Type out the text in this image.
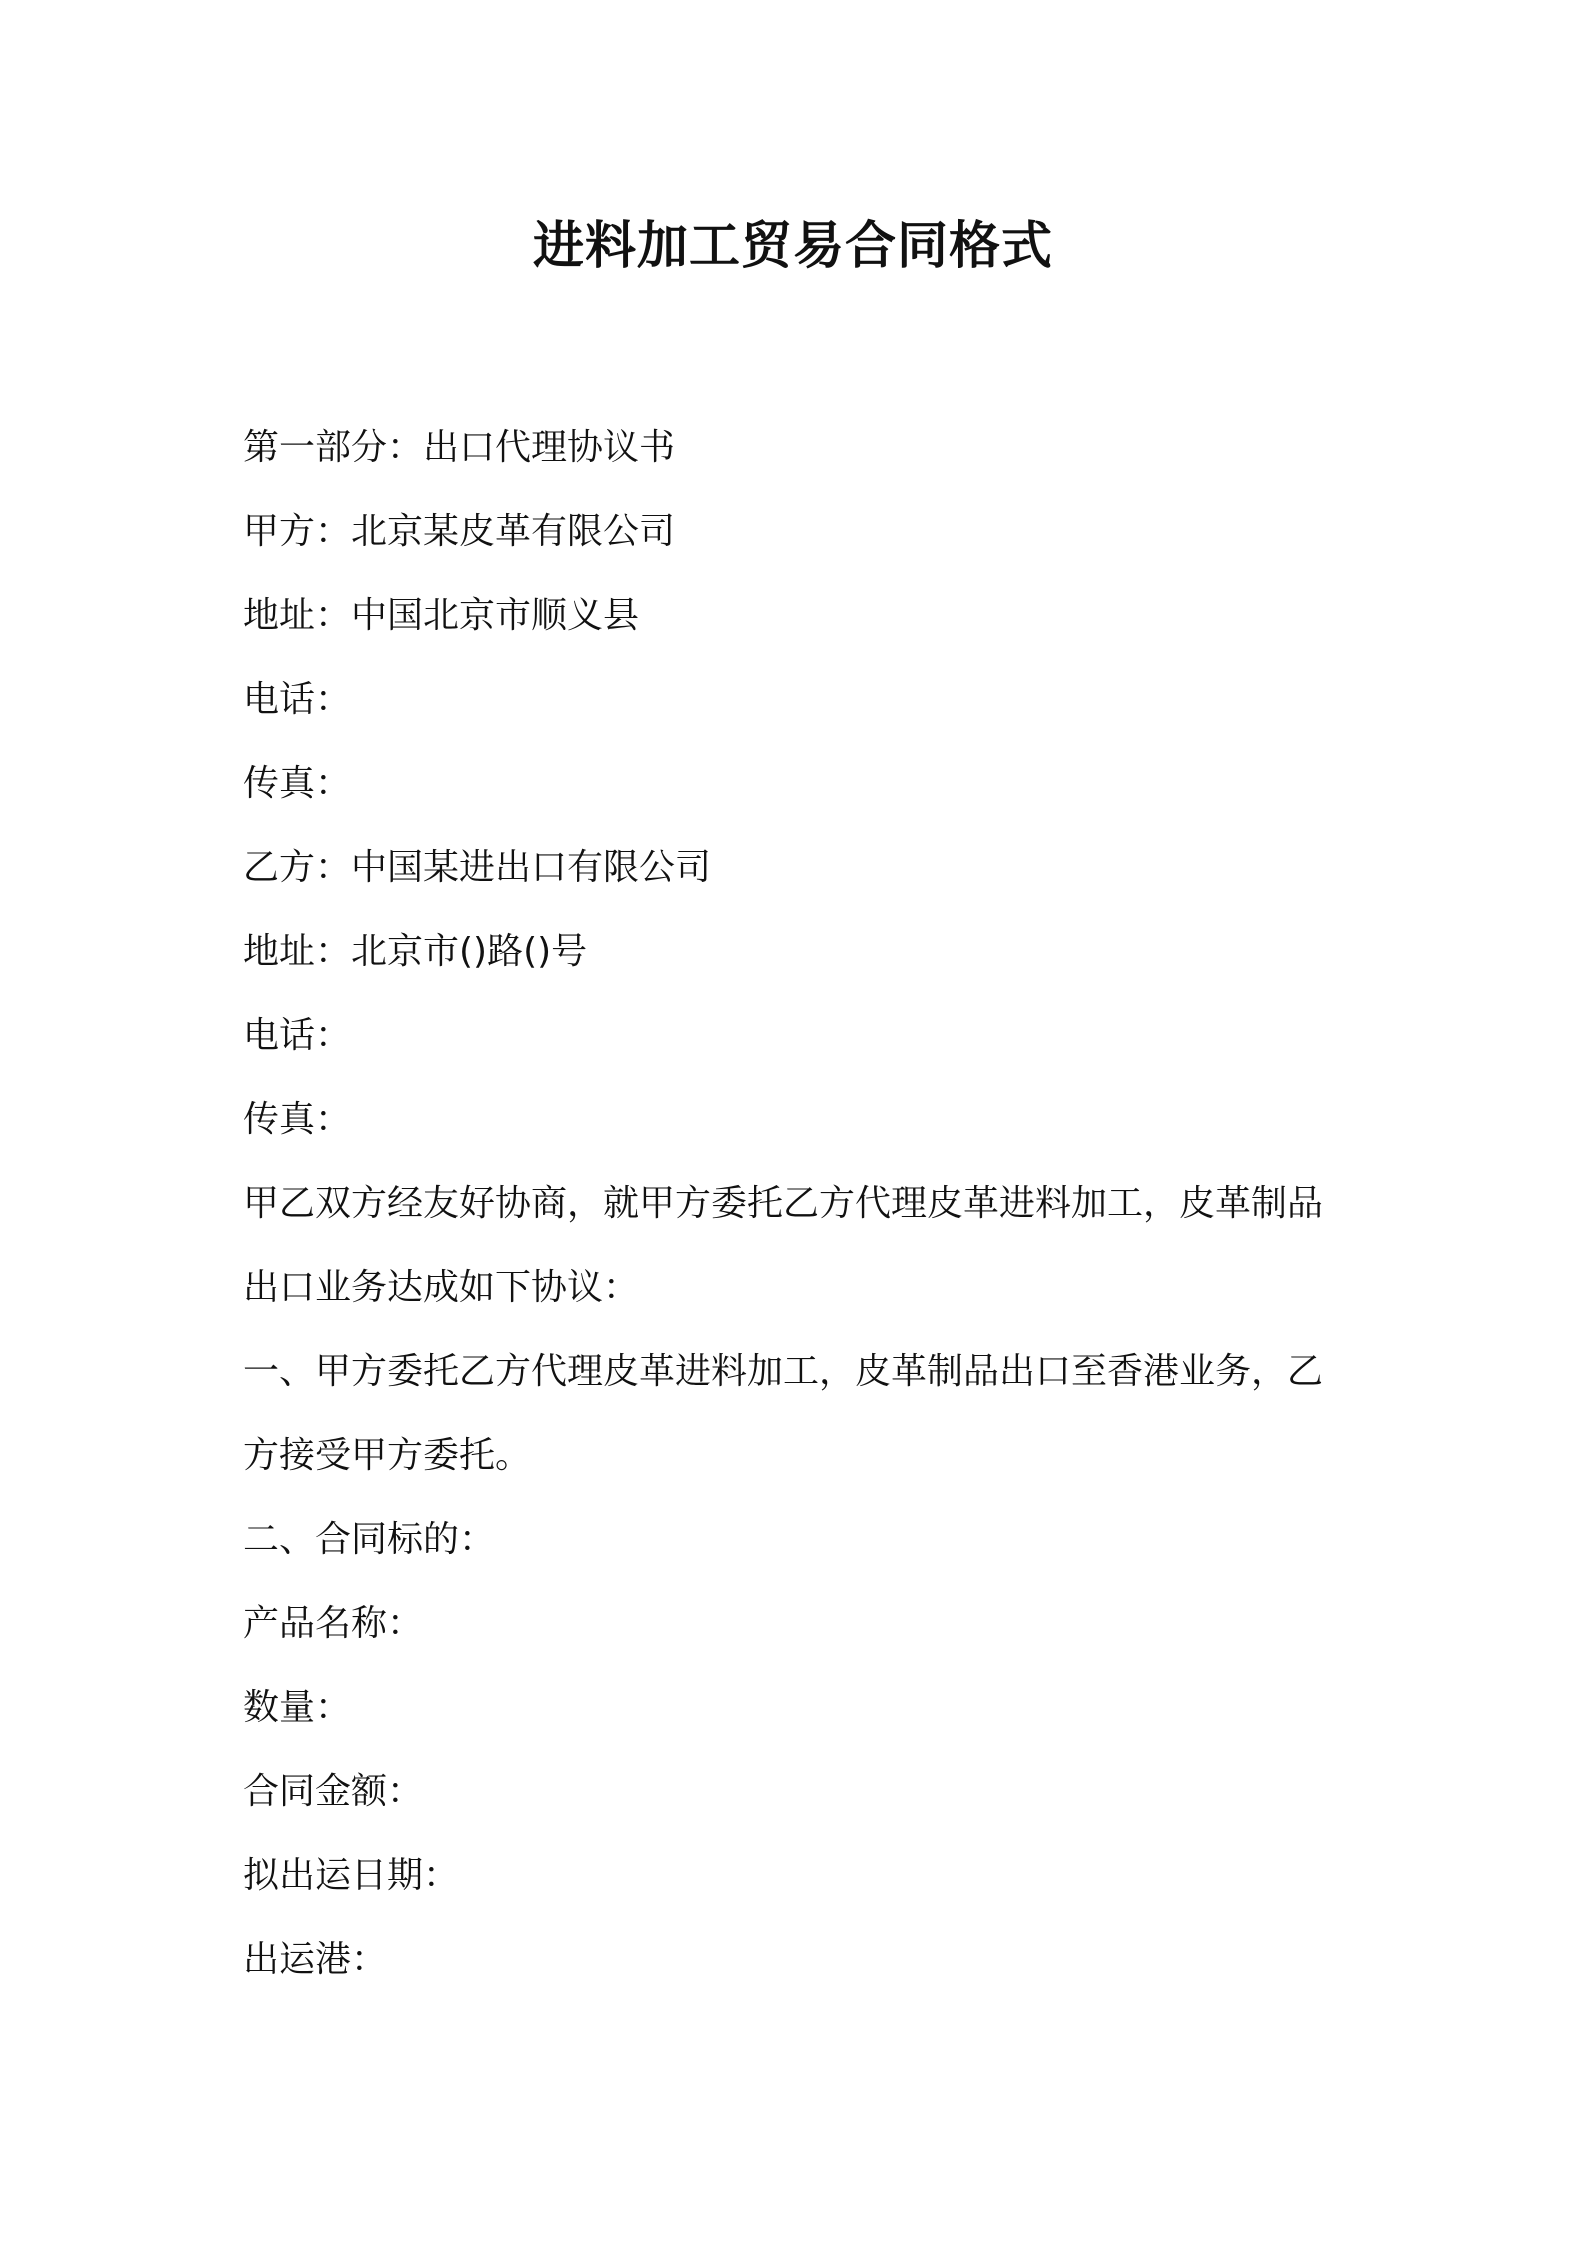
进料加工贸易合同格式

第一部分：出口代理协议书

甲方：北京某皮革有限公司

地址：中国北京市顺义县

电话：

传真：

乙方：中国某进出口有限公司

地址：北京市()路()号

电话：

传真：

甲乙双方经友好协商，就甲方委托乙方代理皮革进料加工，皮革制品

出口业务达成如下协议：

一、甲方委托乙方代理皮革进料加工，皮革制品出口至香港业务，乙

方接受甲方委托。

二、合同标的：

产品名称：

数量：

合同金额：

拟出运日期：

出运港：
